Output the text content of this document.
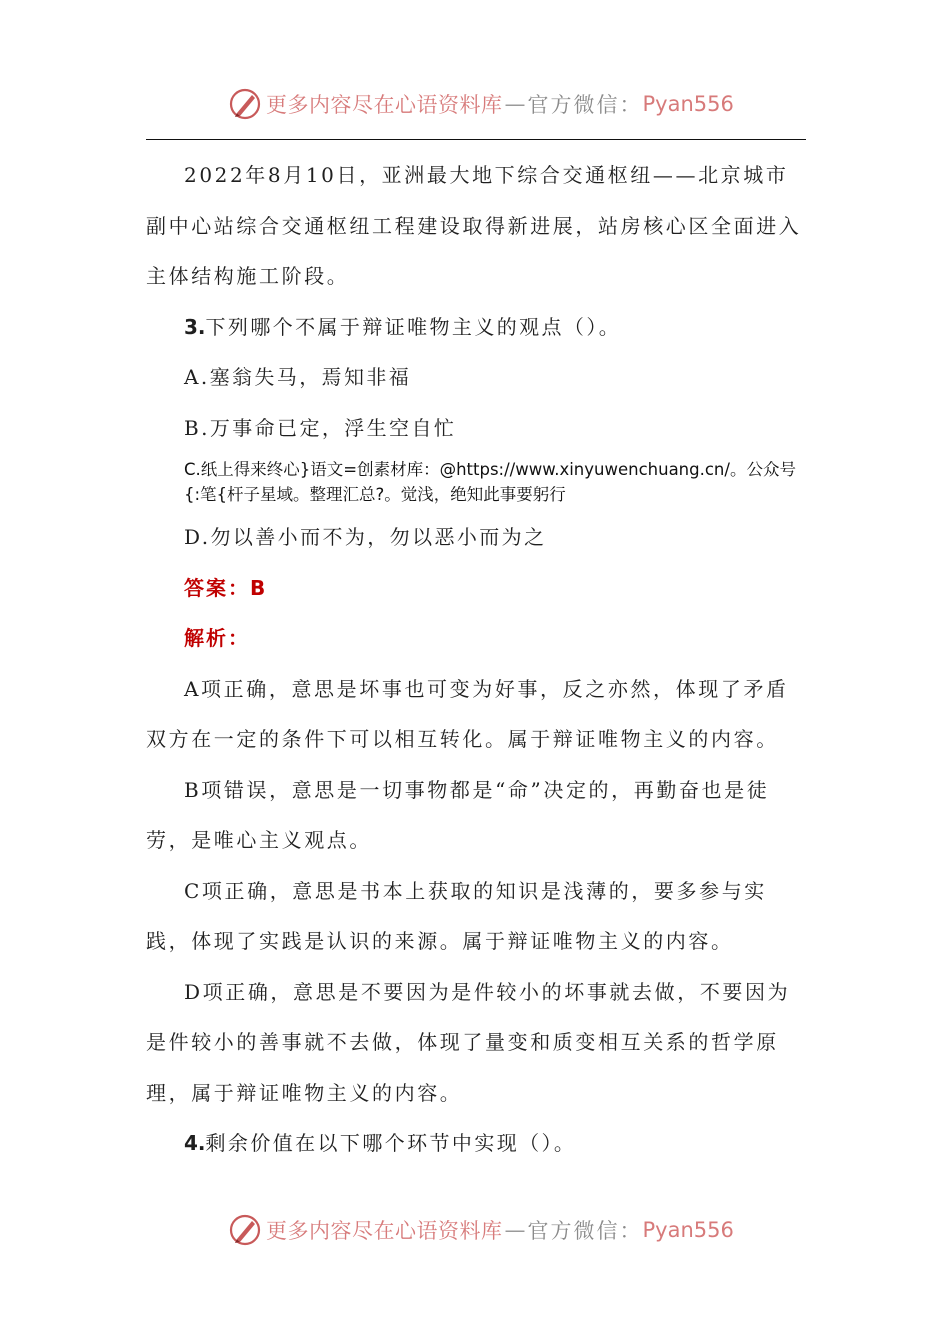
更多内容尽在心语资料库 — 官方微信： Pyan556

2022年8月10日，亚洲最大地下综合交通枢纽——北京城市副中心站综合交通枢纽工程建设取得新进展，站房核心区全面进入主体结构施工阶段。

3.下列哪个不属于辩证唯物主义的观点（）。

A.塞翁失马，焉知非福

B.万事命已定，浮生空自忙

C.纸上得来终心}语文=创素材库：@https://www.xinyuwenchuang.cn/。公众号{:笔{杆子星域。整理汇总?。觉浅，绝知此事要躬行

D.勿以善小而不为，勿以恶小而为之

答案：B

解析：

A项正确，意思是坏事也可变为好事，反之亦然，体现了矛盾双方在一定的条件下可以相互转化。属于辩证唯物主义的内容。

B项错误，意思是一切事物都是“命”决定的，再勤奋也是徒劳，是唯心主义观点。

C项正确，意思是书本上获取的知识是浅薄的，要多参与实践，体现了实践是认识的来源。属于辩证唯物主义的内容。

D项正确，意思是不要因为是件较小的坏事就去做，不要因为是件较小的善事就不去做，体现了量变和质变相互关系的哲学原理，属于辩证唯物主义的内容。

4.剩余价值在以下哪个环节中实现（）。

更多内容尽在心语资料库 — 官方微信： Pyan556
